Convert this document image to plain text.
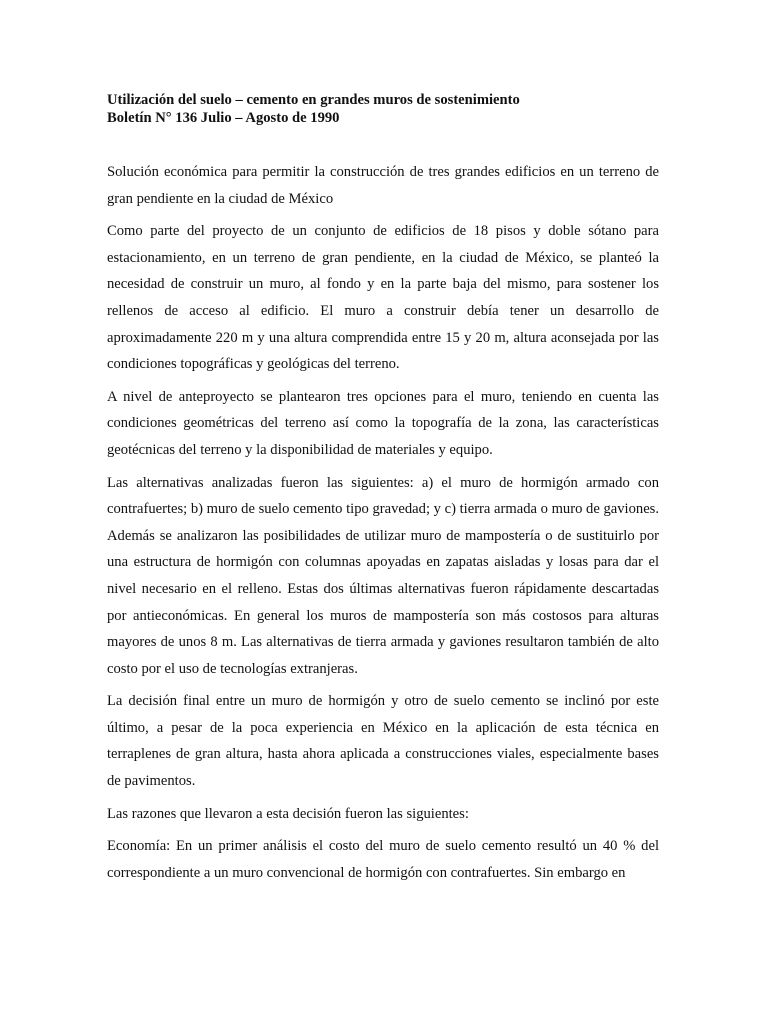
Utilización del suelo – cemento en grandes muros de sostenimiento

Boletín N° 136 Julio – Agosto de 1990

Solución económica para permitir la construcción de tres grandes edificios en un terreno de gran pendiente en la ciudad de México

Como parte del proyecto de un conjunto de edificios de 18 pisos y doble sótano para estacionamiento, en un terreno de gran pendiente, en la ciudad de México, se planteó la necesidad de construir un muro, al fondo y en la parte baja del mismo, para sostener los rellenos de acceso al edificio. El muro a construir debía tener un desarrollo de aproximadamente 220 m y una altura comprendida entre 15 y 20 m, altura aconsejada por las condiciones topográficas y geológicas del terreno.

A nivel de anteproyecto se plantearon tres opciones para el muro, teniendo en cuenta las condiciones geométricas del terreno así como la topografía de la zona, las características geotécnicas del terreno y la disponibilidad de materiales y equipo.

Las alternativas analizadas fueron las siguientes: a) el muro de hormigón armado con contrafuertes; b) muro de suelo cemento tipo gravedad; y c) tierra armada o muro de gaviones. Además se analizaron las posibilidades de utilizar muro de mampostería o de sustituirlo por una estructura de hormigón con columnas apoyadas en zapatas aisladas y losas para dar el nivel necesario en el relleno. Estas dos últimas alternativas fueron rápidamente descartadas por antieconómicas. En general los muros de mampostería son más costosos para alturas mayores de unos 8 m. Las alternativas de tierra armada y gaviones resultaron también de alto costo por el uso de tecnologías extranjeras.

La decisión final entre un muro de hormigón y otro de suelo cemento se inclinó por este último, a pesar de la poca experiencia en México en la aplicación de esta técnica en terraplenes de gran altura, hasta ahora aplicada a construcciones viales, especialmente bases de pavimentos.

Las razones que llevaron a esta decisión fueron las siguientes:

Economía: En un primer análisis el costo del muro de suelo cemento resultó un 40 % del correspondiente a un muro convencional de hormigón con contrafuertes. Sin embargo en
